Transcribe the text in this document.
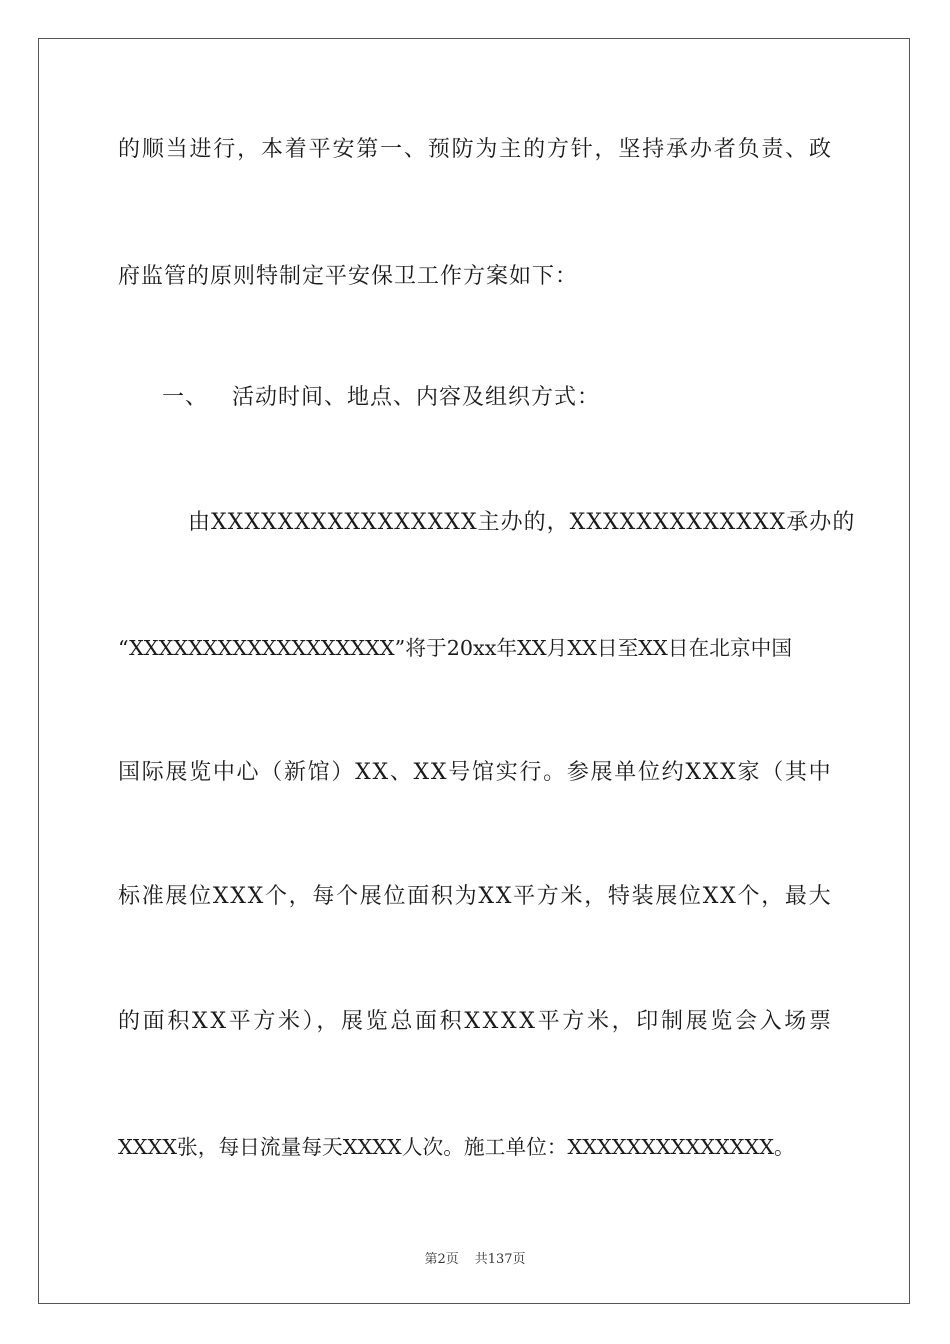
的顺当进行，本着平安第一、预防为主的方针，坚持承办者负责、政
府监管的原则特制定平安保卫工作方案如下：
一、 活动时间、地点、内容及组织方式：
由 XXXXXXXXXXXXXXXX 主 办 的 ， XXXXXXXXXXXXX 承 办 的
“XXXXXXXXXXXXXXXXXX”将于20xx年XX月XX日至XX日在北京中国
国际展览中心（新馆）XX、XX号馆实行。参展单位约XXX家（其中
标准展位XXX个，每个展位面积为XX平方米，特装展位XX个，最大
的面积XX平方米），展览总面积XXXX平方米，印制展览会入场票
XXXX张，每日流量每天XXXX人次。施工单位：XXXXXXXXXXXXXX。
第2页 共137页
